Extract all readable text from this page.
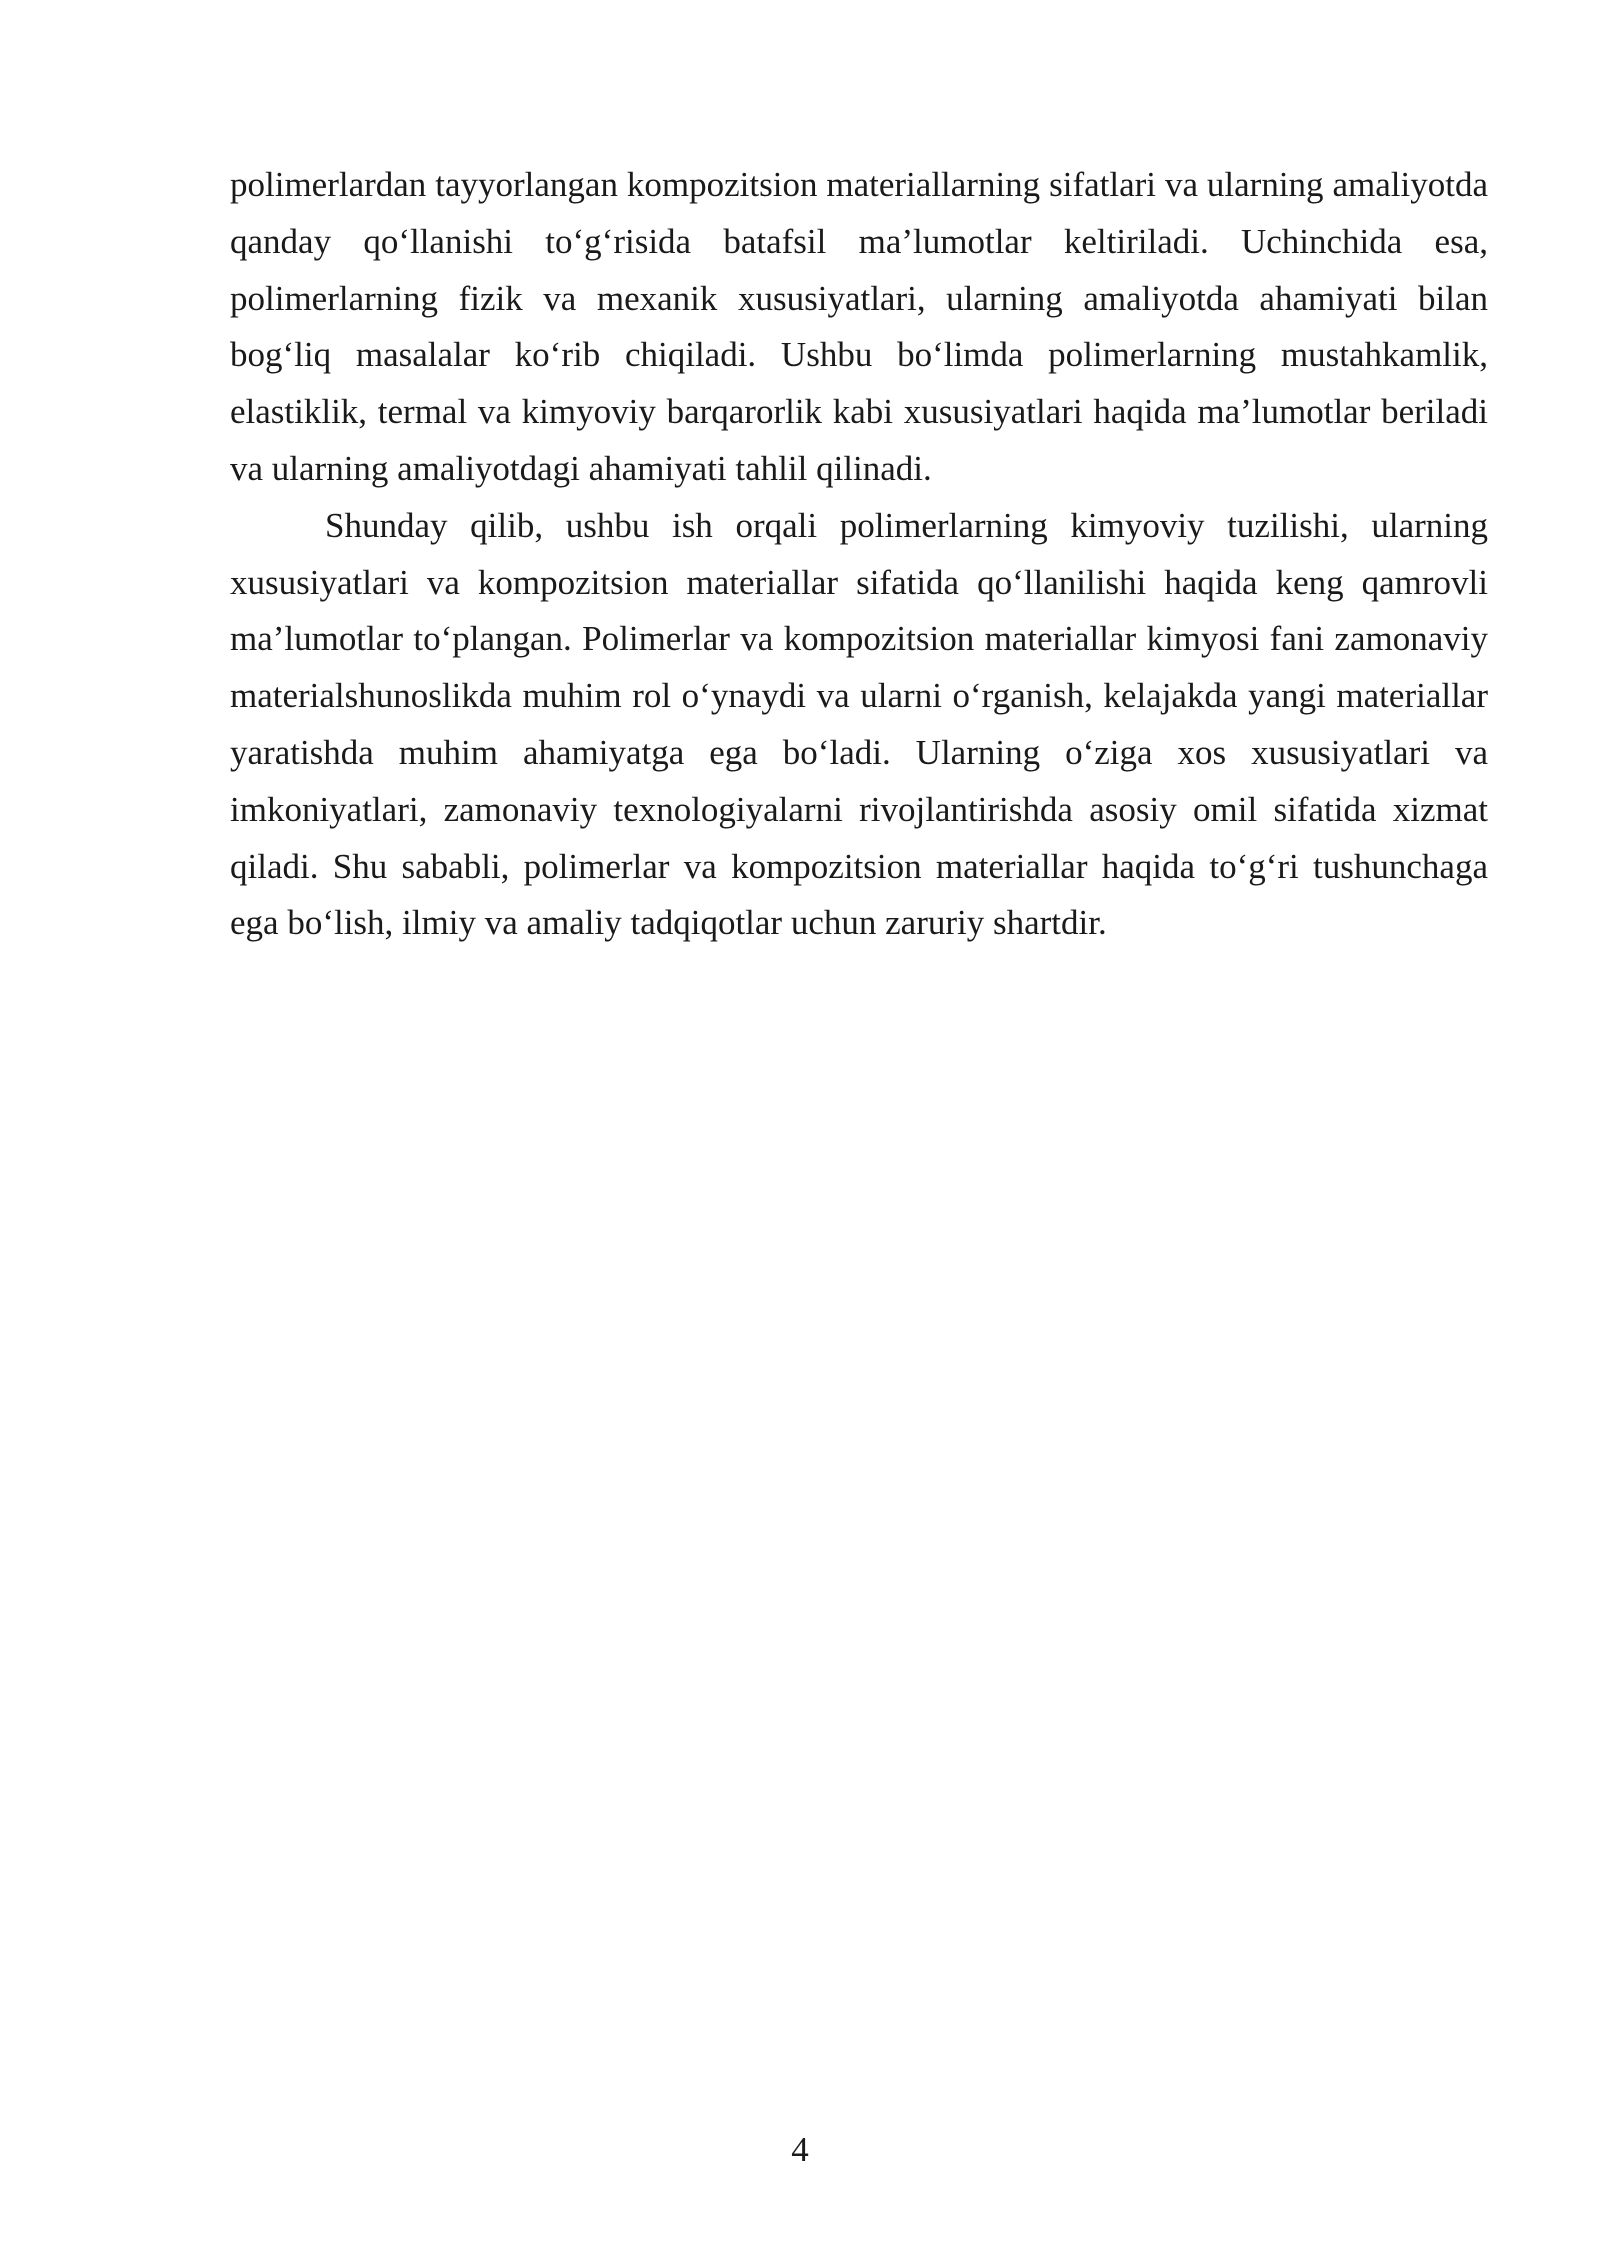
polimerlardan tayyorlangan kompozitsion materiallarning sifatlari va ularning amaliyotda qanday qo‘llanishi to‘g‘risida batafsil ma’lumotlar keltiriladi. Uchinchida esa, polimerlarning fizik va mexanik xususiyatlari, ularning amaliyotda ahamiyati bilan bog‘liq masalalar ko‘rib chiqiladi. Ushbu bo‘limda polimerlarning mustahkamlik, elastiklik, termal va kimyoviy barqarorlik kabi xususiyatlari haqida ma’lumotlar beriladi va ularning amaliyotdagi ahamiyati tahlil qilinadi.

Shunday qilib, ushbu ish orqali polimerlarning kimyoviy tuzilishi, ularning xususiyatlari va kompozitsion materiallar sifatida qo‘llanilishi haqida keng qamrovli ma’lumotlar to‘plangan. Polimerlar va kompozitsion materiallar kimyosi fani zamonaviy materialshunoslikda muhim rol o‘ynaydi va ularni o‘rganish, kelajakda yangi materiallar yaratishda muhim ahamiyatga ega bo‘ladi. Ularning o‘ziga xos xususiyatlari va imkoniyatlari, zamonaviy texnologiyalarni rivojlantirishda asosiy omil sifatida xizmat qiladi. Shu sababli, polimerlar va kompozitsion materiallar haqida to‘g‘ri tushunchaga ega bo‘lish, ilmiy va amaliy tadqiqotlar uchun zaruriy shartdir.

4
